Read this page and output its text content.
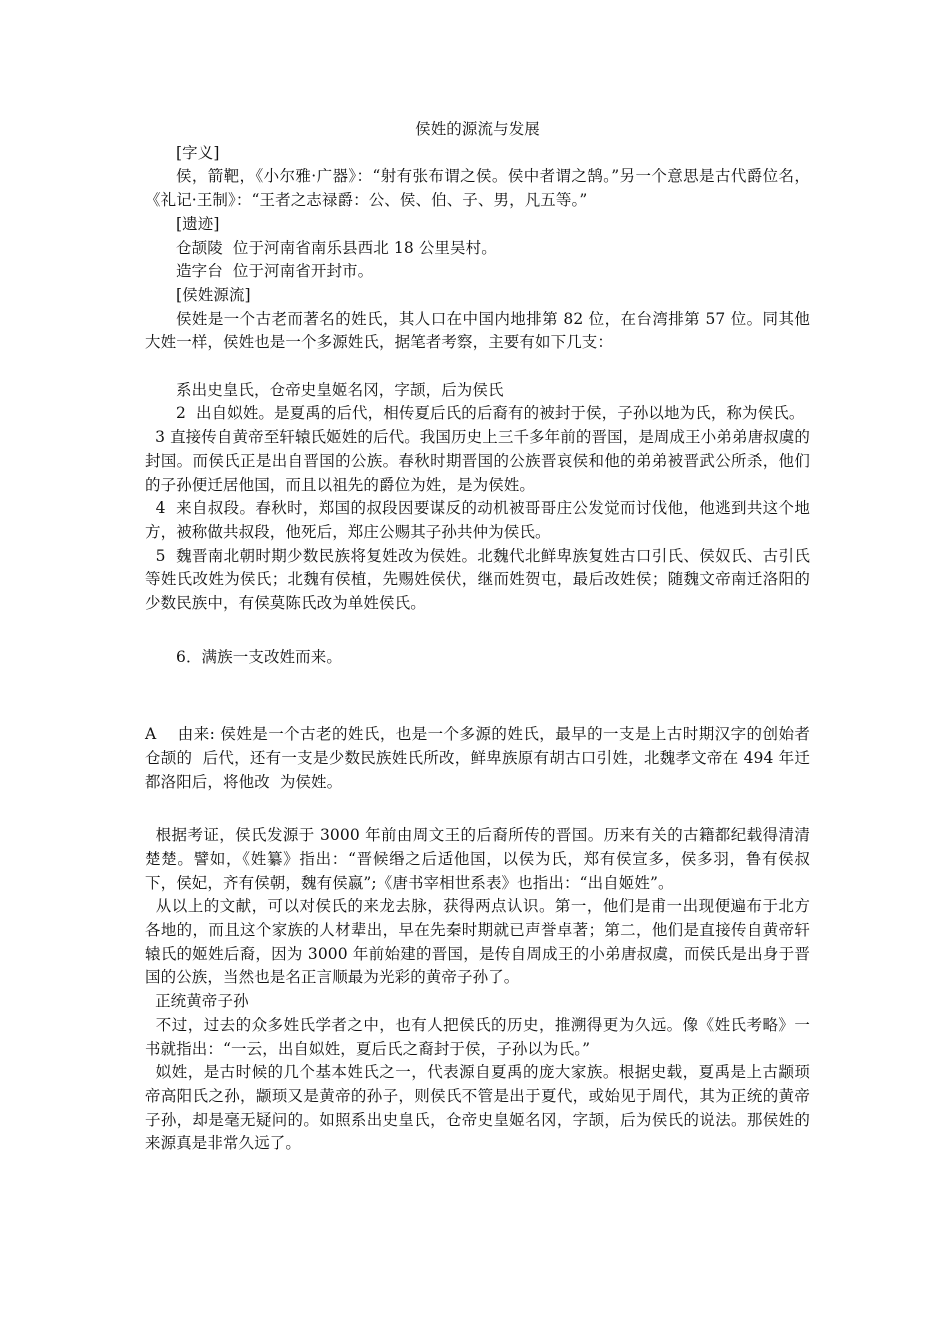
侯姓的源流与发展

[字义]

侯，箭靶，《小尔雅·广器》：“射有张布谓之侯。侯中者谓之鹄。”另一个意思是古代爵位名，《礼记·王制》：“王者之志禄爵：公、侯、伯、子、男，凡五等。”

[遗迹]

仓颉陵  位于河南省南乐县西北 18 公里吴村。

造字台  位于河南省开封市。

[侯姓源流]

侯姓是一个古老而著名的姓氏，其人口在中国内地排第 82 位，在台湾排第 57 位。同其他大姓一样，侯姓也是一个多源姓氏，据笔者考察，主要有如下几支：

系出史皇氏，仓帝史皇姬名冈，字颉，后为侯氏

2  出自姒姓。是夏禹的后代，相传夏后氏的后裔有的被封于侯，子孙以地为氏，称为侯氏。

3 直接传自黄帝至轩辕氏姬姓的后代。我国历史上三千多年前的晋国，是周成王小弟弟唐叔虞的封国。而侯氏正是出自晋国的公族。春秋时期晋国的公族晋哀侯和他的弟弟被晋武公所杀，他们的子孙便迁居他国，而且以祖先的爵位为姓，是为侯姓。

4  来自叔段。春秋时，郑国的叔段因要谋反的动机被哥哥庄公发觉而讨伐他，他逃到共这个地方，被称做共叔段，他死后，郑庄公赐其子孙共仲为侯氏。

5  魏晋南北朝时期少数民族将复姓改为侯姓。北魏代北鲜卑族复姓古口引氏、侯奴氏、古引氏等姓氏改姓为侯氏；北魏有侯植，先赐姓侯伏，继而姓贺屯，最后改姓侯；随魏文帝南迁洛阳的少数民族中，有侯莫陈氏改为单姓侯氏。

6．满族一支改姓而来。

A    由来: 侯姓是一个古老的姓氏，也是一个多源的姓氏，最早的一支是上古时期汉字的创始者仓颉的  后代，还有一支是少数民族姓氏所改，鲜卑族原有胡古口引姓，北魏孝文帝在 494 年迁都洛阳后，将他改  为侯姓。

根据考证，侯氏发源于 3000 年前由周文王的后裔所传的晋国。历来有关的古籍都纪载得清清楚楚。譬如，《姓纂》指出：“晋候缗之后适他国，以侯为氏，郑有侯宣多，侯多羽，鲁有侯叔下，侯妃，齐有侯朝，魏有侯嬴”;《唐书宰相世系表》也指出：“出自姬姓”。

从以上的文献，可以对侯氏的来龙去脉，获得两点认识。第一，他们是甫一出现便遍布于北方各地的，而且这个家族的人材辈出，早在先秦时期就已声誉卓著；第二，他们是直接传自黄帝轩辕氏的姬姓后裔，因为 3000 年前始建的晋国，是传自周成王的小弟唐叔虞，而侯氏是出身于晋国的公族，当然也是名正言顺最为光彩的黄帝子孙了。

正统黄帝子孙

不过，过去的众多姓氏学者之中，也有人把侯氏的历史，推溯得更为久远。像《姓氏考略》一书就指出：“一云，出自姒姓，夏后氏之裔封于侯，子孙以为氏。”

姒姓，是古时候的几个基本姓氏之一，代表源自夏禹的庞大家族。根据史载，夏禹是上古颛顼帝高阳氏之孙，颛顼又是黄帝的孙子，则侯氏不管是出于夏代，或始见于周代，其为正统的黄帝子孙，却是毫无疑问的。如照系出史皇氏，仓帝史皇姬名冈，字颉，后为侯氏的说法。那侯姓的来源真是非常久远了。
